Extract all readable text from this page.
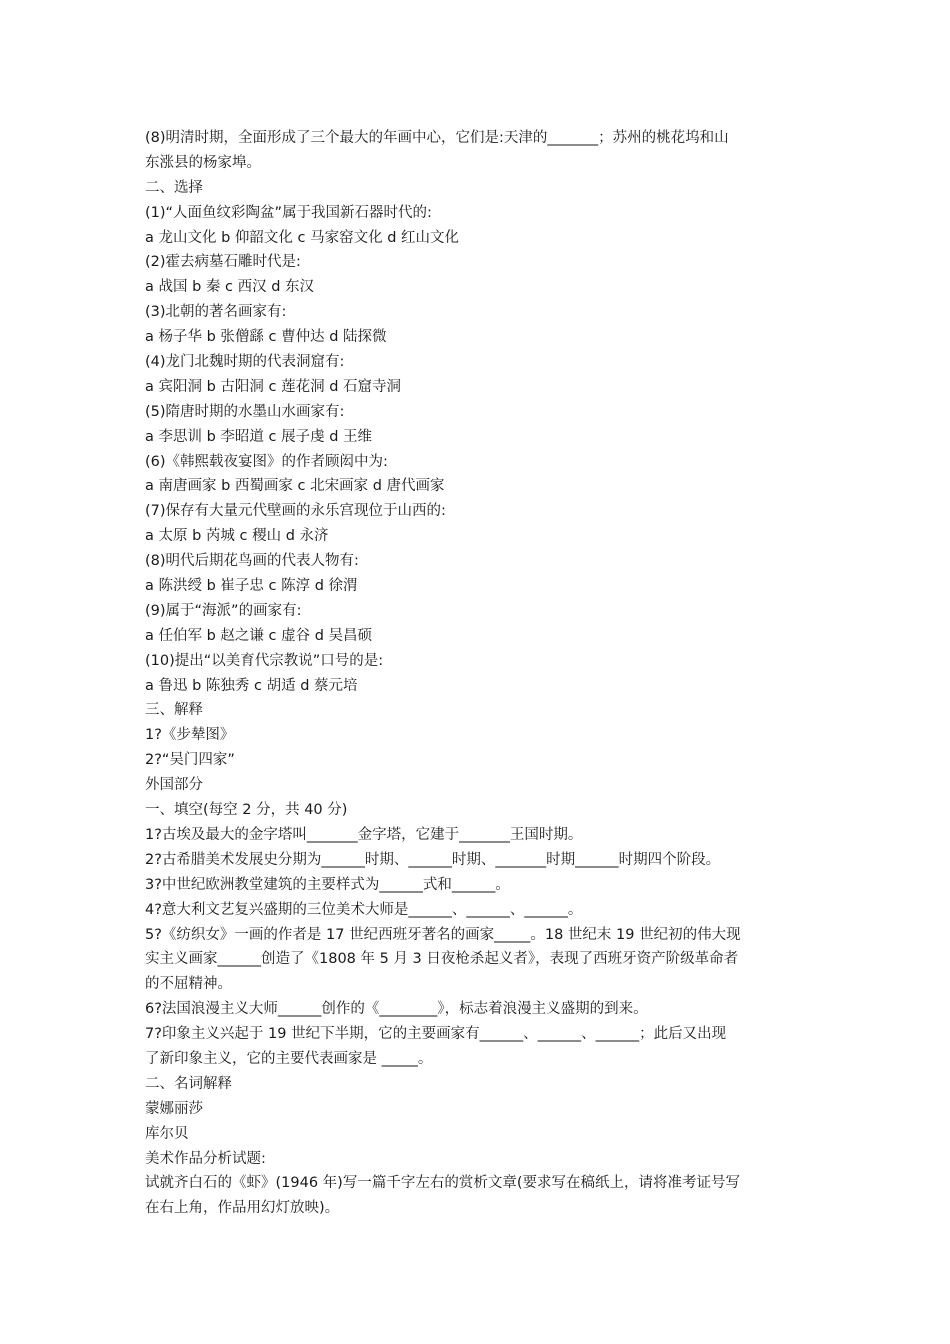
(8)明清时期，全面形成了三个最大的年画中心，它们是:天津的_______；苏州的桃花坞和山
东涨县的杨家埠。
二、选择
(1)“人面鱼纹彩陶盆”属于我国新石器时代的:
a 龙山文化 b 仰韶文化 c 马家窑文化 d 红山文化
(2)霍去病墓石雕时代是:
a 战国 b 秦 c 西汉 d 东汉
(3)北朝的著名画家有:
a 杨子华 b 张僧繇 c 曹仲达 d 陆探微
(4)龙门北魏时期的代表洞窟有:
a 宾阳洞 b 古阳洞 c 莲花洞 d 石窟寺洞
(5)隋唐时期的水墨山水画家有:
a 李思训 b 李昭道 c 展子虔 d 王维
(6)《韩熙载夜宴图》的作者顾闳中为:
a 南唐画家 b 西蜀画家 c 北宋画家 d 唐代画家
(7)保存有大量元代壁画的永乐宫现位于山西的:
a 太原 b 芮城 c 稷山 d 永济
(8)明代后期花鸟画的代表人物有:
a 陈洪绶 b 崔子忠 c 陈淳 d 徐渭
(9)属于“海派”的画家有:
a 任伯军 b 赵之谦 c 虚谷 d 吴昌硕
(10)提出“以美育代宗教说”口号的是:
a 鲁迅 b 陈独秀 c 胡适 d 蔡元培
三、解释
1?《步辇图》
2?“吴门四家”
外国部分
一、填空(每空 2 分，共 40 分)
1?古埃及最大的金字塔叫_______金字塔，它建于_______王国时期。
2?古希腊美术发展史分期为______时期、______时期、_______时期______时期四个阶段。
3?中世纪欧洲教堂建筑的主要样式为______式和______。
4?意大利文艺复兴盛期的三位美术大师是______、______、______。
5?《纺织女》一画的作者是 17 世纪西班牙著名的画家_____。18 世纪末 19 世纪初的伟大现
实主义画家______创造了《1808 年 5 月 3 日夜枪杀起义者》，表现了西班牙资产阶级革命者
的不屈精神。
6?法国浪漫主义大师______创作的《________》，标志着浪漫主义盛期的到来。
7?印象主义兴起于 19 世纪下半期，它的主要画家有______、______、______；此后又出现
了新印象主义，它的主要代表画家是 _____。
二、名词解释
蒙娜丽莎
库尔贝
美术作品分析试题:
试就齐白石的《虾》(1946 年)写一篇千字左右的赏析文章(要求写在稿纸上，请将准考证号写
在右上角，作品用幻灯放映)。
